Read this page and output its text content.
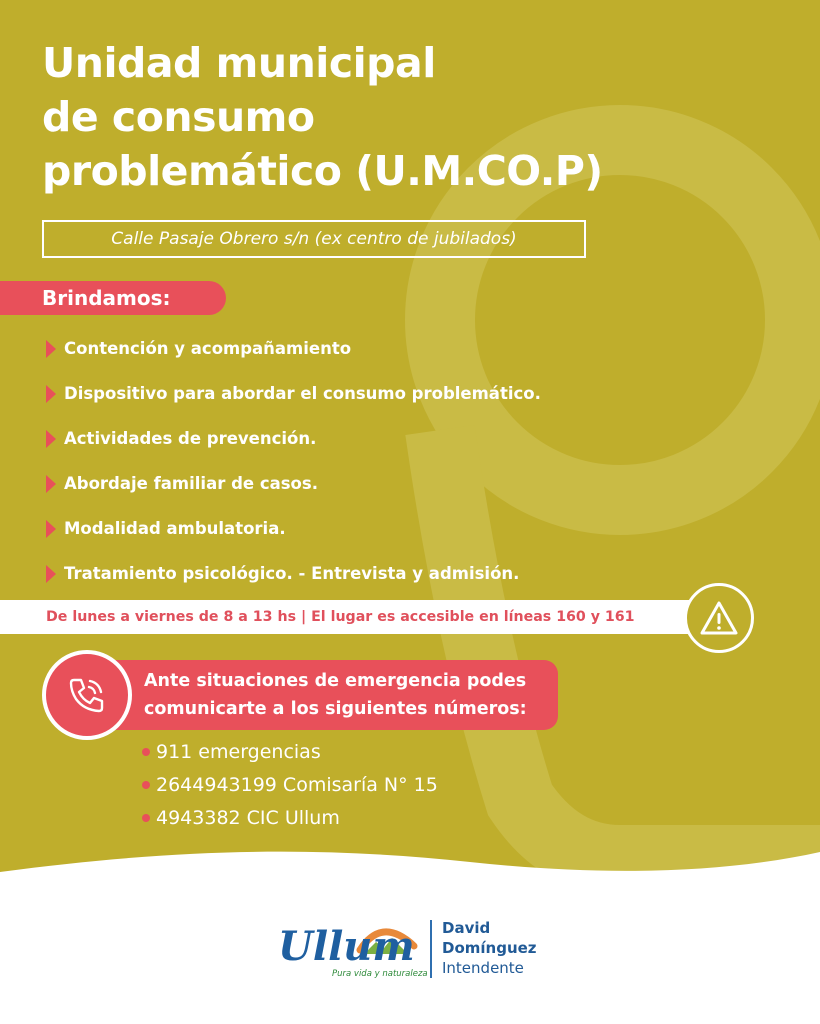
Unidad municipal
de consumo
problemático (U.M.CO.P)
Calle Pasaje Obrero s/n (ex centro de jubilados)
Brindamos:
Contención y acompañamiento
Dispositivo para abordar el consumo problemático.
Actividades de prevención.
Abordaje familiar de casos.
Modalidad ambulatoria.
Tratamiento psicológico. - Entrevista y admisión.
De lunes a viernes de 8 a 13 hs | El lugar es accesible en líneas 160 y 161
Ante situaciones de emergencia podes
comunicarte a los siguientes números:
911 emergencias
2644943199 Comisaría N° 15
4943382 CIC Ullum
Ullum
Pura vida y naturaleza
David
Domínguez
Intendente
